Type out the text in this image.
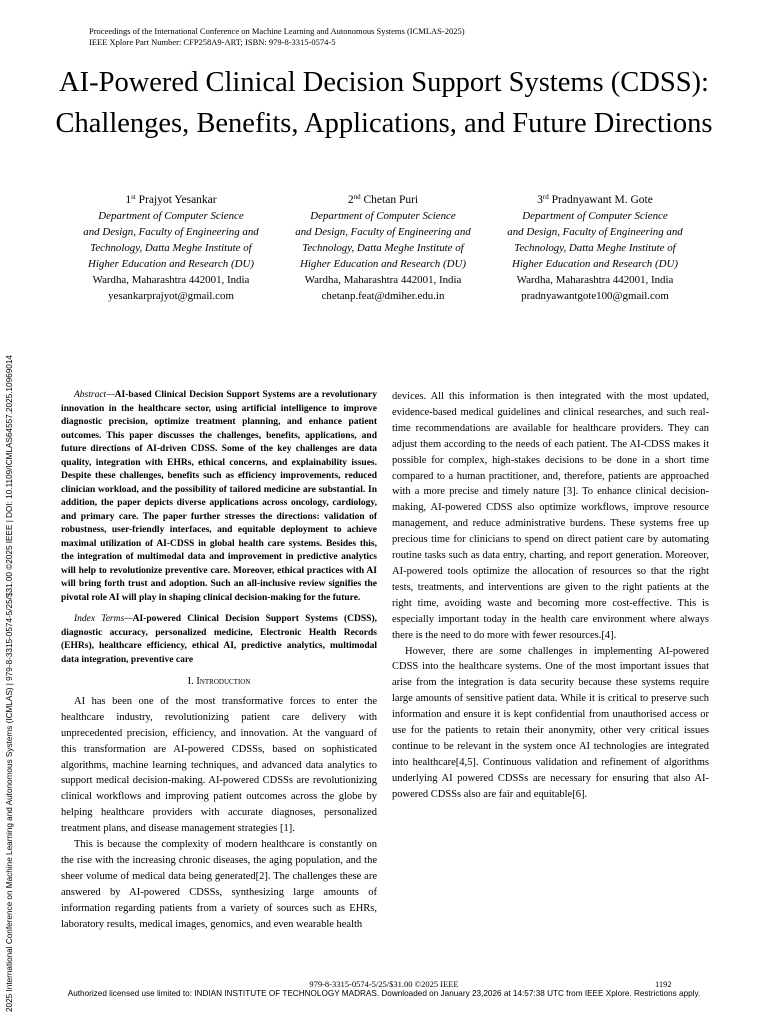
2025 International Conference on Machine Learning and Autonomous Systems (ICMLAS) | 979-8-3315-0574-5/25/$31.00 ©2025 IEEE | DOI: 10.1109/ICMLAS64557.2025.10969014
Proceedings of the International Conference on Machine Learning and Autonomous Systems (ICMLAS-2025)
IEEE Xplore Part Number: CFP258A9-ART; ISBN: 979-8-3315-0574-5
AI-Powered Clinical Decision Support Systems (CDSS): Challenges, Benefits, Applications, and Future Directions
1st Prajyot Yesankar
Department of Computer Science
and Design, Faculty of Engineering and
Technology, Datta Meghe Institute of
Higher Education and Research (DU)
Wardha, Maharashtra 442001, India
yesankarprajyot@gmail.com
2nd Chetan Puri
Department of Computer Science
and Design, Faculty of Engineering and
Technology, Datta Meghe Institute of
Higher Education and Research (DU)
Wardha, Maharashtra 442001, India
chetanp.feat@dmiher.edu.in
3rd Pradnyawant M. Gote
Department of Computer Science
and Design, Faculty of Engineering and
Technology, Datta Meghe Institute of
Higher Education and Research (DU)
Wardha, Maharashtra 442001, India
pradnyawantgote100@gmail.com

Abstract—AI-based Clinical Decision Support Systems are a revolutionary innovation in the healthcare sector, using artificial intelligence to improve diagnostic precision, optimize treatment planning, and enhance patient outcomes. This paper discusses the challenges, benefits, applications, and future directions of AI-driven CDSS. Some of the key challenges are data quality, integration with EHRs, ethical concerns, and explainability issues. Despite these challenges, benefits such as efficiency improvements, reduced clinician workload, and the possibility of tailored medicine are substantial. In addition, the paper depicts diverse applications across oncology, cardiology, and primary care. The paper further stresses the directions: validation of robustness, user-friendly interfaces, and equitable deployment to achieve maximal utilization of AI-CDSS in global health care systems. Besides this, the integration of multimodal data and improvement in predictive analytics will help to revolutionize preventive care. Moreover, ethical practices with AI will bring forth trust and adoption. Such an all-inclusive review signifies the pivotal role AI will play in shaping clinical decision-making for the future.

Index Terms—AI-powered Clinical Decision Support Systems (CDSS), diagnostic accuracy, personalized medicine, Electronic Health Records (EHRs), healthcare efficiency, ethical AI, predictive analytics, multimodal data integration, preventive care

I. Introduction

AI has been one of the most transformative forces to enter the healthcare industry, revolutionizing patient care delivery with unprecedented precision, efficiency, and innovation. At the vanguard of this transformation are AI-powered CDSSs, based on sophisticated algorithms, machine learning techniques, and advanced data analytics to support medical decision-making. AI-powered CDSSs are revolutionizing clinical workflows and improving patient outcomes across the globe by helping healthcare providers with accurate diagnoses, personalized treatment plans, and disease management strategies [1].

This is because the complexity of modern healthcare is constantly on the rise with the increasing chronic diseases, the aging population, and the sheer volume of medical data being generated[2]. The challenges these are answered by AI-powered CDSSs, synthesizing large amounts of information regarding patients from a variety of sources such as EHRs, laboratory results, medical images, genomics, and even wearable health

devices. All this information is then integrated with the most updated, evidence-based medical guidelines and clinical researches, and such real-time recommendations are available for healthcare providers. They can adjust them according to the needs of each patient. The AI-CDSS makes it possible for complex, high-stakes decisions to be done in a short time compared to a human practitioner, and, therefore, patients are approached with a more precise and timely nature [3]. To enhance clinical decision-making, AI-powered CDSS also optimize workflows, improve resource management, and reduce administrative burdens. These systems free up precious time for clinicians to spend on direct patient care by automating routine tasks such as data entry, charting, and report generation. Moreover, AI-powered tools optimize the allocation of resources so that the right tests, treatments, and interventions are given to the right patients at the right time, avoiding waste and becoming more cost-effective. This is especially important today in the health care environment where always there is the need to do more with fewer resources.[4].

However, there are some challenges in implementing AI-powered CDSS into the healthcare systems. One of the most important issues that arise from the integration is data security because these systems require large amounts of sensitive patient data. While it is critical to preserve such information and ensure it is kept confidential from unauthorised access or use for the patients to retain their anonymity, other very critical issues continue to be relevant in the system once AI technologies are integrated into healthcare[4,5]. Continuous validation and refinement of algorithms underlying AI powered CDSSs are necessary for ensuring that also AI-powered CDSSs also are fair and equitable[6].

979-8-3315-0574-5/25/$31.00 ©2025 IEEE	1192
Authorized licensed use limited to: INDIAN INSTITUTE OF TECHNOLOGY MADRAS. Downloaded on January 23,2026 at 14:57:38 UTC from IEEE Xplore. Restrictions apply.
